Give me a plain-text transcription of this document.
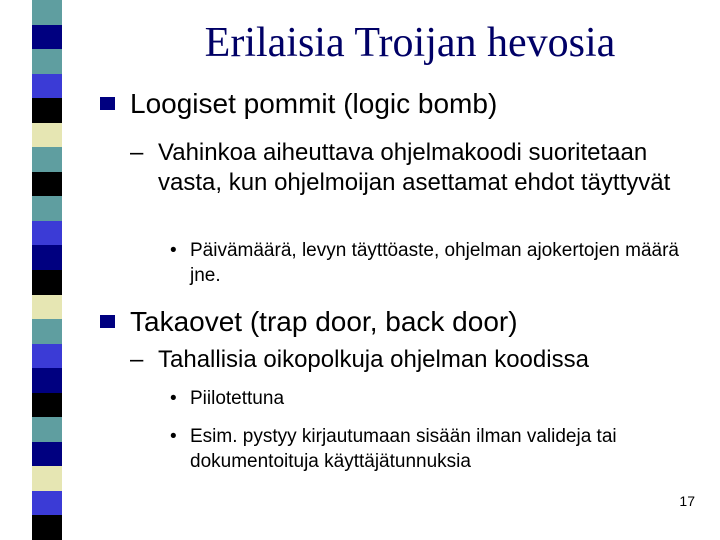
Erilaisia Troijan hevosia
Loogiset pommit (logic bomb)
– Vahinkoa aiheuttava ohjelmakoodi suoritetaan vasta, kun ohjelmoijan asettamat ehdot täyttyvät
• Päivämäärä, levyn täyttöaste, ohjelman ajokertojen määrä jne.
Takaovet (trap door, back door)
– Tahallisia oikopolkuja ohjelman koodissa
• Piilotettuna
• Esim. pystyy kirjautumaan sisään ilman valideja tai dokumentoituja käyttäjätunnuksia
17
